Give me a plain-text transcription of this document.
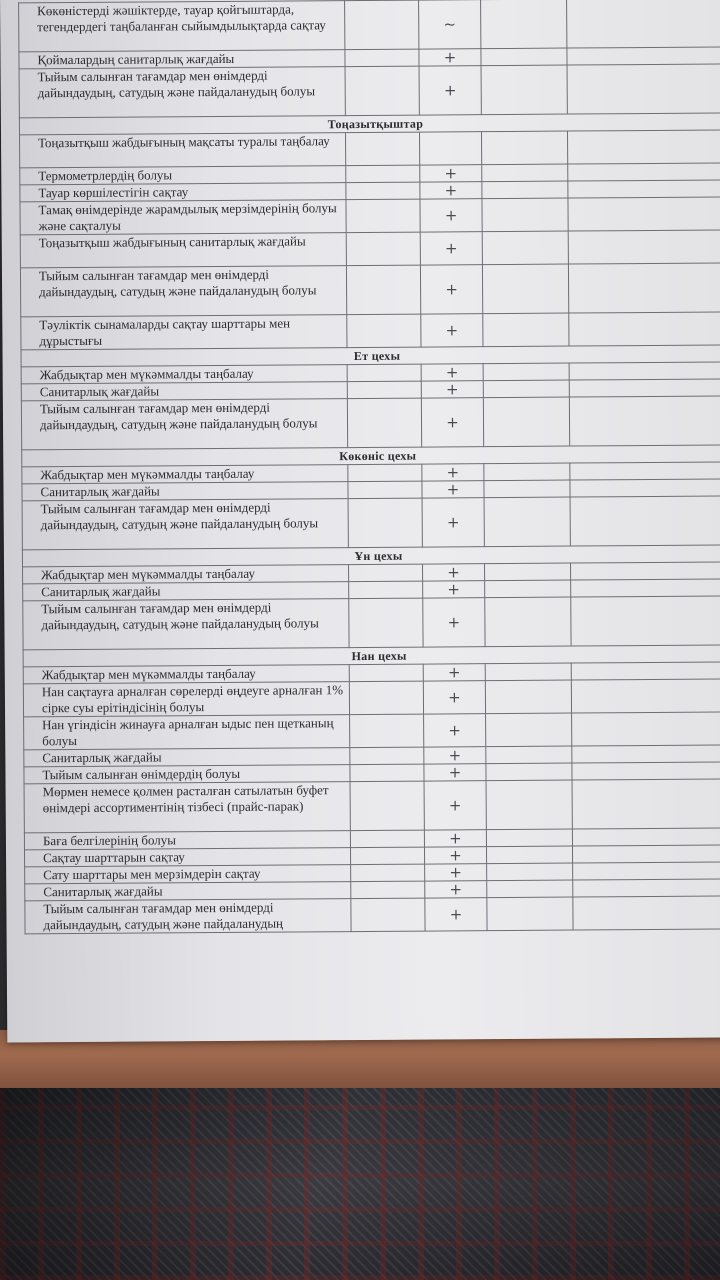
Көкөністерді жәшіктерде, тауар қойгыштарда, тегендердегі таңбаланған сыйымдылықтарда сақтау		~		
Қоймалардың санитарлық жағдайы		+		
Тыйым салынған тағамдар мен өнімдерді дайындаудың, сатудың және пайдаланудың болуы		+		
Тоңазытқыштар				
Тоңазытқыш жабдығының мақсаты туралы таңбалау				
Термометрлердің болуы		+		
Тауар көршілестігін сақтау		+		
Тамақ өнімдерінде жарамдылық мерзімдерінің болуы және сақталуы		+		
Тоңазытқыш жабдығының санитарлық жағдайы		+		
Тыйым салынған тағамдар мен өнімдерді дайындаудың, сатудың және пайдаланудың болуы		+		
Тәуліктік сынамаларды сақтау шарттары мен дұрыстығы		+		
Ет цехы				
Жабдықтар мен мүкәммалды таңбалау		+		
Санитарлық жағдайы		+		
Тыйым салынған тағамдар мен өнімдерді дайындаудың, сатудың және пайдаланудың болуы		+		
Көкөніс цехы				
Жабдықтар мен мүкәммалды таңбалау		+		
Санитарлық жағдайы		+		
Тыйым салынған тағамдар мен өнімдерді дайындаудың, сатудың және пайдаланудың болуы		+		
Ұн цехы				
Жабдықтар мен мүкәммалды таңбалау		+		
Санитарлық жағдайы		+		
Тыйым салынған тағамдар мен өнімдерді дайындаудың, сатудың және пайдаланудың болуы		+		
Нан цехы				
Жабдықтар мен мүкәммалды таңбалау		+		
Нан сақтауға арналған сөрелерді өңдеуге арналған 1% сірке суы ерітіндісінің болуы		+		
Нан үгіндісін жинауға арналған ыдыс пен щетканың болуы		+		
Санитарлық жағдайы		+		
Тыйым салынған өнімдердің болуы		+		
Мөрмен немесе қолмен расталған сатылатын буфет өнімдері ассортиментінің тізбесі (прайс-парак)		+		
Баға белгілерінің болуы		+		
Сақтау шарттарын сақтау		+		
Сату шарттары мен мерзімдерін сақтау		+		
Санитарлық жағдайы		+		
Тыйым салынған тағамдар мен өнімдерді дайындаудың, сатудың және пайдаланудың		+		
